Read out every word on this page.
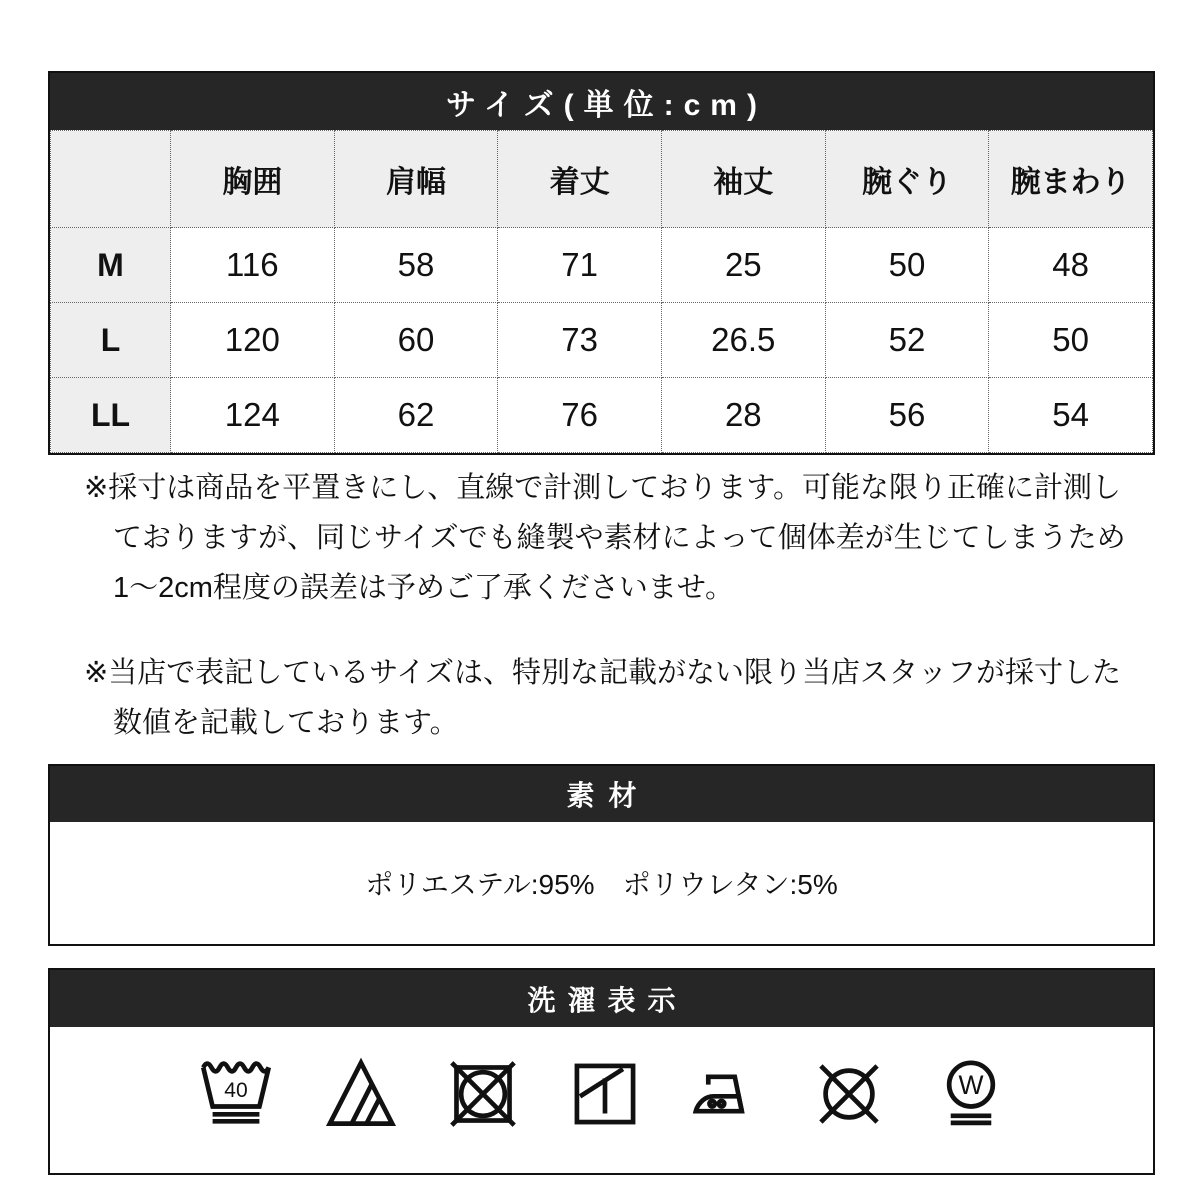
サイズ(単位:cm)
	胸囲	肩幅	着丈	袖丈	腕ぐり	腕まわり
M	116	58	71	25	50	48
L	120	60	73	26.5	52	50
LL	124	62	76	28	56	54
※採寸は商品を平置きにし、直線で計測しております。可能な限り正確に計測し
ておりますが、同じサイズでも縫製や素材によって個体差が生じてしまうため
1〜2cm程度の誤差は予めご了承くださいませ。
※当店で表記しているサイズは、特別な記載がない限り当店スタッフが採寸した
数値を記載しております。
素材
ポリエステル:95%　ポリウレタン:5%
洗濯表示
40	W
